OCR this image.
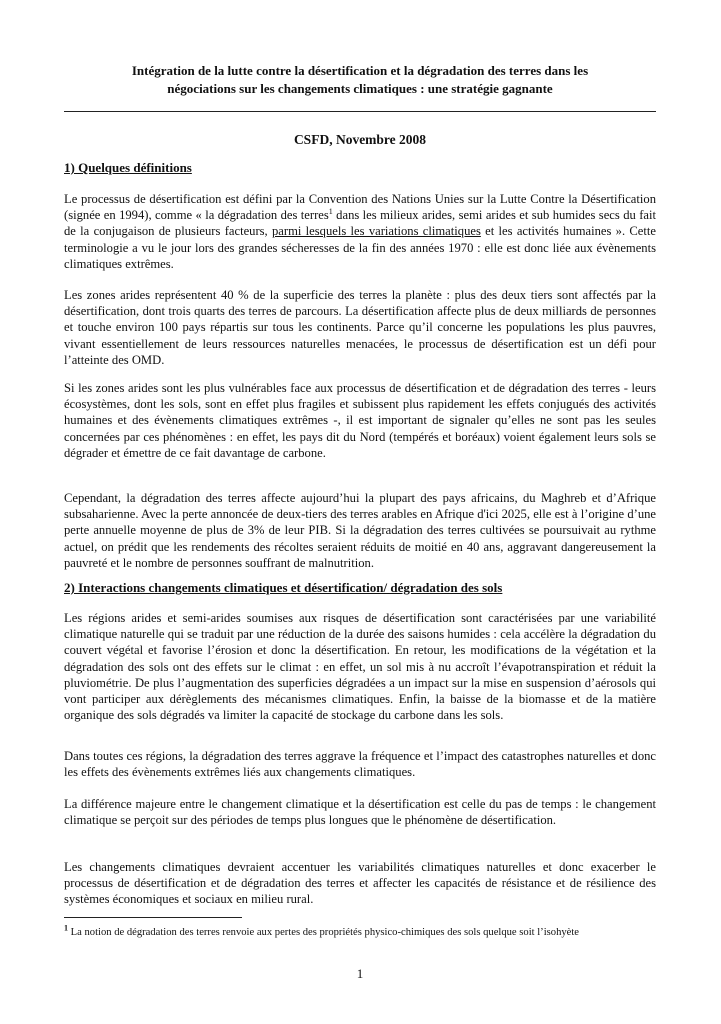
Intégration de la lutte contre la désertification et la dégradation des terres dans les
négociations sur les changements climatiques : une stratégie gagnante
CSFD, Novembre 2008
1) Quelques définitions

Le processus de désertification est défini par la Convention des Nations Unies sur la Lutte Contre la Désertification (signée en 1994), comme « la dégradation des terres$^1$ dans les milieux arides, semi arides et sub humides secs du fait de la conjugaison de plusieurs facteurs, parmi lesquels les variations climatiques et les activités humaines ». Cette terminologie a vu le jour lors des grandes sécheresses de la fin des années 1970 : elle est donc liée aux évènements climatiques extrêmes.

Les zones arides représentent 40 % de la superficie des terres la planète : plus des deux tiers sont affectés par la désertification, dont trois quarts des terres de parcours. La désertification affecte plus de deux milliards de personnes et touche environ 100 pays répartis sur tous les continents. Parce qu’il concerne les populations les plus pauvres, vivant essentiellement de leurs ressources naturelles menacées, le processus de désertification est un défi pour l’atteinte des OMD.

Si les zones arides sont les plus vulnérables face aux processus de désertification et de dégradation des terres - leurs écosystèmes, dont les sols, sont en effet plus fragiles et subissent plus rapidement les effets conjugués des activités humaines et des évènements climatiques extrêmes -, il est important de signaler qu’elles ne sont pas les seules concernées par ces phénomènes : en effet, les pays dit du Nord (tempérés et boréaux) voient également leurs sols se dégrader et émettre de ce fait davantage de carbone.

Cependant, la dégradation des terres affecte aujourd’hui la plupart des pays africains, du Maghreb et d’Afrique subsaharienne. Avec la perte annoncée de deux-tiers des terres arables en Afrique d'ici 2025, elle est à l’origine d’une perte annuelle moyenne de plus de 3% de leur PIB. Si la dégradation des terres cultivées se poursuivait au rythme actuel, on prédit que les rendements des récoltes seraient réduits de moitié en 40 ans, aggravant dangereusement la pauvreté et le nombre de personnes souffrant de malnutrition.

2) Interactions changements climatiques et désertification/ dégradation des sols

Les régions arides et semi-arides soumises aux risques de désertification sont caractérisées par une variabilité climatique naturelle qui se traduit par une réduction de la durée des saisons humides : cela accélère la dégradation du couvert végétal et favorise l’érosion et donc la désertification. En retour, les modifications de la végétation et la dégradation des sols ont des effets sur le climat : en effet, un sol mis à nu accroît l’évapotranspiration et réduit la pluviométrie. De plus l’augmentation des superficies dégradées a un impact sur la mise en suspension d’aérosols qui vont participer aux dérèglements des mécanismes climatiques. Enfin, la baisse de la biomasse et de la matière organique des sols dégradés va limiter la capacité de stockage du carbone dans les sols.

Dans toutes ces régions, la dégradation des terres aggrave la fréquence et l’impact des catastrophes naturelles et donc les effets des évènements extrêmes liés aux changements climatiques.

La différence majeure entre le changement climatique et la désertification est celle du pas de temps : le changement climatique se perçoit sur des périodes de temps plus longues que le phénomène de désertification.

Les changements climatiques devraient accentuer les variabilités climatiques naturelles et donc exacerber le processus de désertification et de dégradation des terres et affecter les capacités de résistance et de résilience des systèmes économiques et sociaux en milieu rural.

$^1$ La notion de dégradation des terres renvoie aux pertes des propriétés physico-chimiques des sols quelque soit l’isohyète

1
